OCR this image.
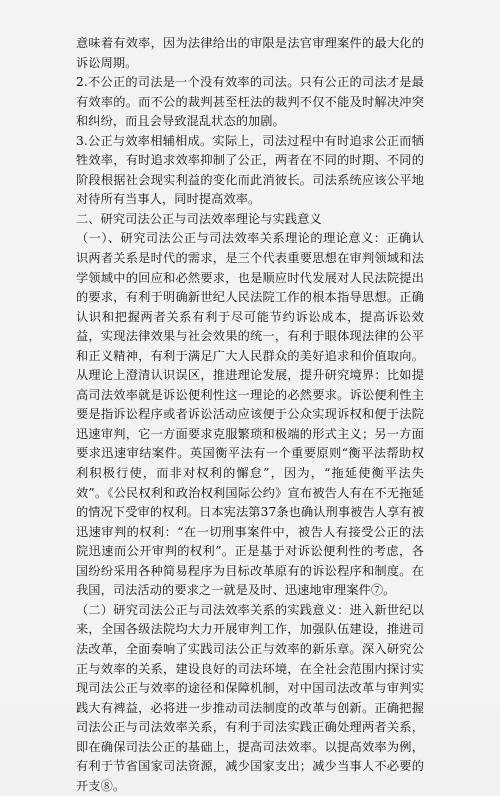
意味着有效率，因为法律给出的审限是法官审理案件的最大化的诉讼周期。

2.不公正的司法是一个没有效率的司法。只有公正的司法才是最有效率的。而不公的裁判甚至枉法的裁判不仅不能及时解决冲突和纠纷，而且会导致混乱状态的加剧。

3.公正与效率相辅相成。实际上，司法过程中有时追求公正而牺牲效率，有时追求效率抑制了公正，两者在不同的时期、不同的阶段根据社会现实利益的变化而此消彼长。司法系统应该公平地对待所有当事人，同时提高效率。

二、研究司法公正与司法效率理论与实践意义

（一）、研究司法公正与司法效率关系理论的理论意义：正确认识两者关系是时代的需求，是三个代表重要思想在审判领域和法学领域中的回应和必然要求，也是顺应时代发展对人民法院提出的要求，有利于明确新世纪人民法院工作的根本指导思想。正确认识和把握两者关系有利于尽可能节约诉讼成本，提高诉讼效益，实现法律效果与社会效果的统一，有利于眼体现法律的公平和正义精神，有利于满足广大人民群众的美好追求和价值取向。从理论上澄清认识误区，推进理论发展，提升研究境界：比如提高司法效率就是诉讼便利性这一理论的必然要求。诉讼便利性主要是指诉讼程序或者诉讼活动应该便于公众实现诉权和便于法院迅速审判，它一方面要求克服繁琐和极端的形式主义；另一方面要求迅速审结案件。英国衡平法有一个重要原则“衡平法帮助权利积极行使，而非对权利的懈怠”，因为，“拖延使衡平法失效”。《公民权利和政治权利国际公约》宣布被告人有在不无拖延的情况下受审的权利。日本宪法第37条也确认刑事被告人享有被迅速审判的权利：“在一切刑事案件中，被告人有接受公正的法院迅速而公开审判的权利”。正是基于对诉讼便利性的考虑，各国纷纷采用各种简易程序为目标改革原有的诉讼程序和制度。在我国，司法活动的要求之一就是及时、迅速地审理案件⑦。

（二）研究司法公正与司法效率关系的实践意义：进入新世纪以来，全国各级法院均大力开展审判工作，加强队伍建设，推进司法改革，全面奏响了实践司法公正与效率的新乐章。深入研究公正与效率的关系，建设良好的司法环境，在全社会范围内探讨实现司法公正与效率的途径和保障机制，对中国司法改革与审判实践大有裨益，必将进一步推动司法制度的改革与创新。正确把握司法公正与司法效率关系，有利于司法实践正确处理两者关系，即在确保司法公正的基础上，提高司法效率。以提高效率为例，有利于节省国家司法资源，减少国家支出；减少当事人不必要的开支⑧。
